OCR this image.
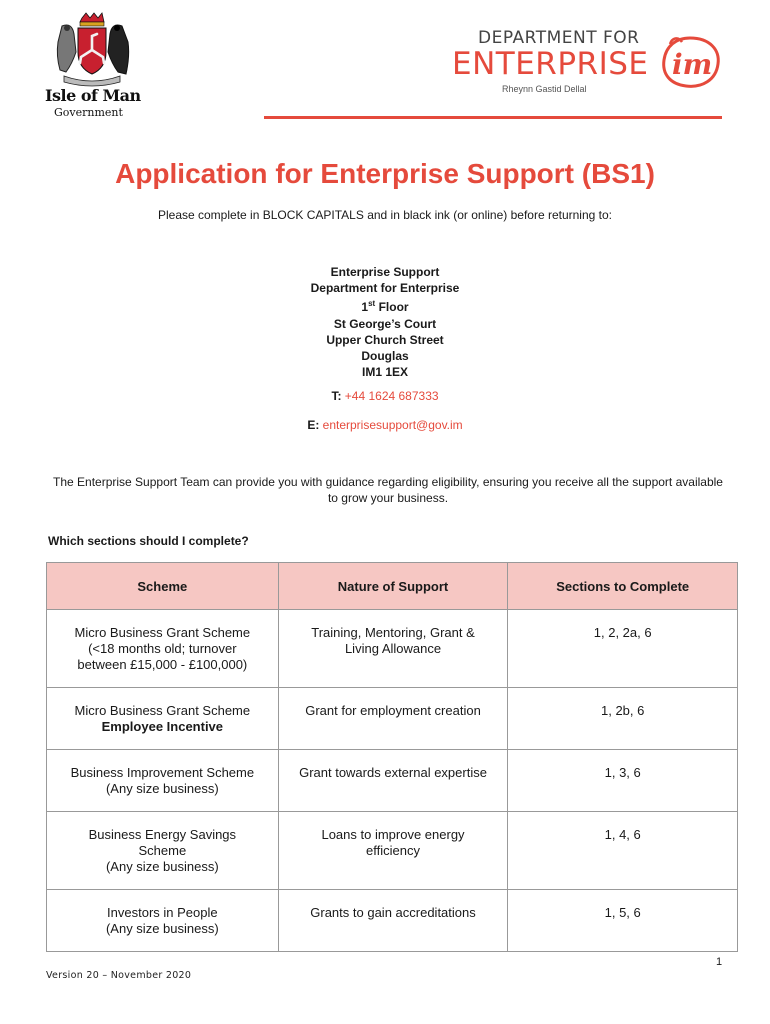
Isle of Man
Government
DEPARTMENT FOR
ENTERPRISE
Rheynn Gastid Dellal
im
Application for Enterprise Support (BS1)

Please complete in BLOCK CAPITALS and in black ink (or online) before returning to:

Enterprise Support
Department for Enterprise
1st Floor
St George’s Court
Upper Church Street
Douglas
IM1 1EX
T: +44 1624 687333
E: enterprisesupport@gov.im

The Enterprise Support Team can provide you with guidance regarding eligibility, ensuring you receive all the support available to grow your business.

Which sections should I complete?

Scheme	Nature of Support	Sections to Complete

Micro Business Grant Scheme
(<18 months old; turnover
between £15,000 - £100,000)	Training, Mentoring, Grant &
Living Allowance	1, 2, 2a, 6

Micro Business Grant Scheme
Employee Incentive	Grant for employment creation	1, 2b, 6

Business Improvement Scheme
(Any size business)	Grant towards external expertise	1, 3, 6

Business Energy Savings
Scheme
(Any size business)	Loans to improve energy
efficiency	1, 4, 6

Investors in People
(Any size business)	Grants to gain accreditations	1, 5, 6
1
Version 20 – November 2020
